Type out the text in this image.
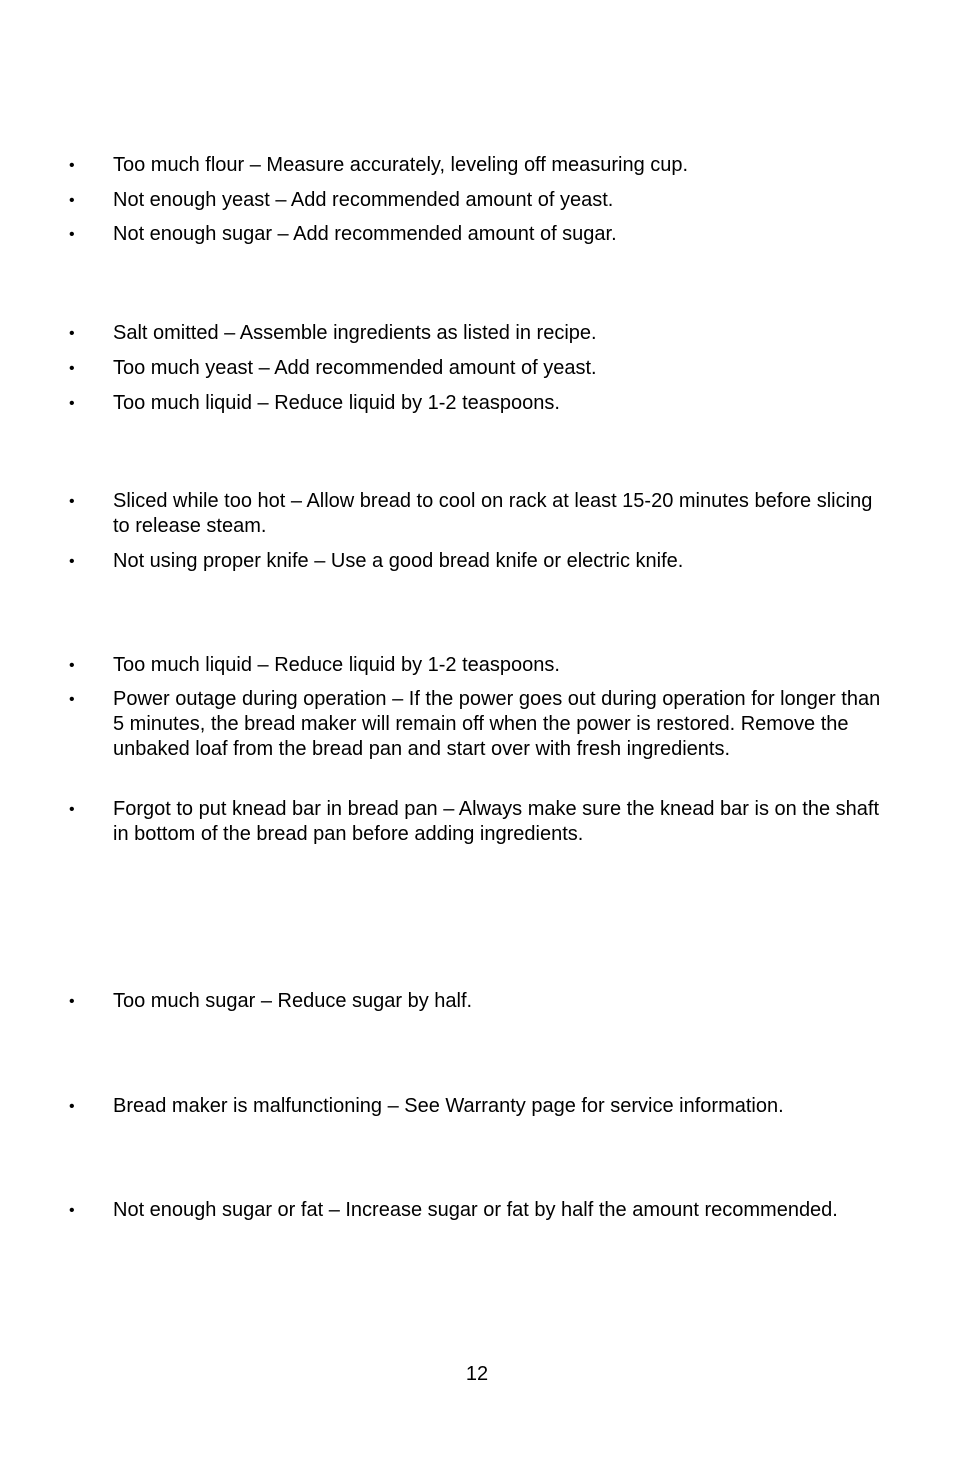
• Too much flour – Measure accurately, leveling off measuring cup.

• Not enough yeast – Add recommended amount of yeast.

• Not enough sugar – Add recommended amount of sugar.

• Salt omitted – Assemble ingredients as listed in recipe.

• Too much yeast – Add recommended amount of yeast.

• Too much liquid – Reduce liquid by 1-2 teaspoons.

• Sliced while too hot – Allow bread to cool on rack at least 15-20 minutes before slicing to release steam.

• Not using proper knife – Use a good bread knife or electric knife.

• Too much liquid – Reduce liquid by 1-2 teaspoons.

• Power outage during operation – If the power goes out during operation for longer than 5 minutes, the bread maker will remain off when the power is restored. Remove the unbaked loaf from the bread pan and start over with fresh ingredients.

• Forgot to put knead bar in bread pan – Always make sure the knead bar is on the shaft in bottom of the bread pan before adding ingredients.

• Too much sugar – Reduce sugar by half.

• Bread maker is malfunctioning – See Warranty page for service information.

• Not enough sugar or fat – Increase sugar or fat by half the amount recommended.

12
